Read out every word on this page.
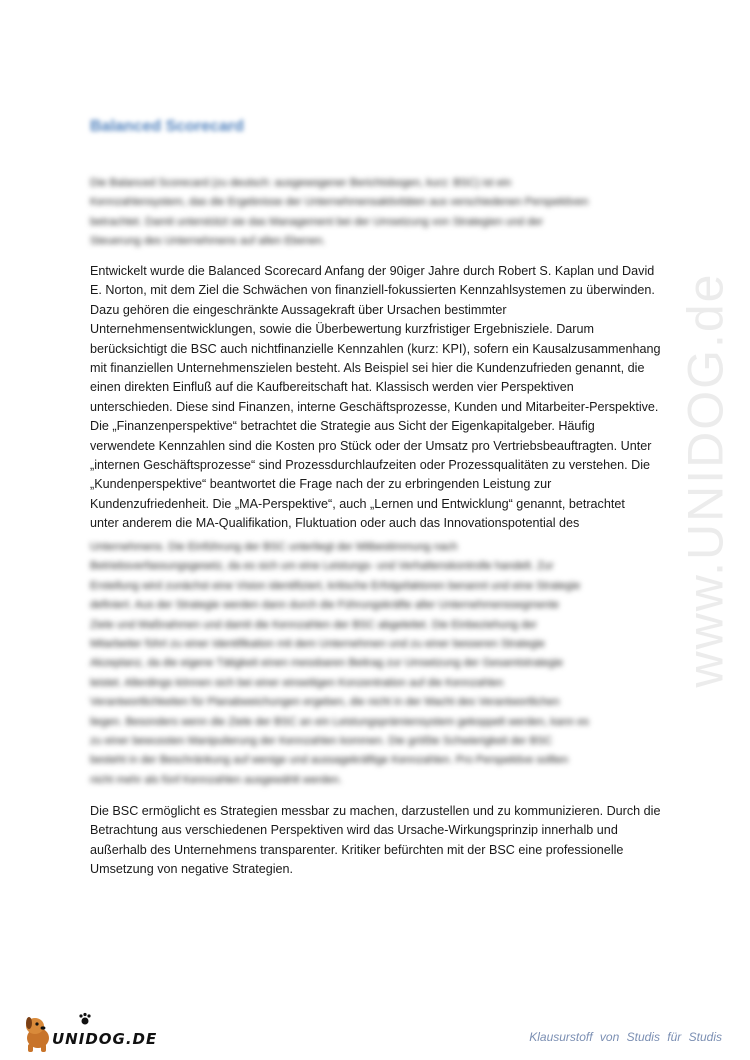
www.UNIDOG.de
Balanced Scorecard

Die Balanced Scorecard (zu deutsch: ausgewogener Berichtsbogen, kurz: BSC) ist ein
Kennzahlensystem, das die Ergebnisse der Unternehmensaktivitäten aus verschiedenen Perspektiven
betrachtet. Damit unterstützt sie das Management bei der Umsetzung von Strategien und der
Steuerung des Unternehmens auf allen Ebenen.

Entwickelt wurde die Balanced Scorecard Anfang der 90iger Jahre durch Robert S. Kaplan und David
E. Norton, mit dem Ziel die Schwächen von finanziell-fokussierten Kennzahlsystemen zu überwinden.
Dazu gehören die eingeschränkte Aussagekraft über Ursachen bestimmter
Unternehmensentwicklungen, sowie die Überbewertung kurzfristiger Ergebnisziele. Darum
berücksichtigt die BSC auch nichtfinanzielle Kennzahlen (kurz: KPI), sofern ein Kausalzusammenhang
mit finanziellen Unternehmenszielen besteht. Als Beispiel sei hier die Kundenzufrieden genannt, die
einen direkten Einfluß auf die Kaufbereitschaft hat. Klassisch werden vier Perspektiven
unterschieden. Diese sind Finanzen, interne Geschäftsprozesse, Kunden und Mitarbeiter-Perspektive.
Die „Finanzenperspektive“ betrachtet die Strategie aus Sicht der Eigenkapitalgeber. Häufig
verwendete Kennzahlen sind die Kosten pro Stück oder der Umsatz pro Vertriebsbeauftragten. Unter
„internen Geschäftsprozesse“ sind Prozessdurchlaufzeiten oder Prozessqualitäten zu verstehen. Die
„Kundenperspektive“ beantwortet die Frage nach der zu erbringenden Leistung zur
Kundenzufriedenheit. Die „MA-Perspektive“, auch „Lernen und Entwicklung“ genannt, betrachtet
unter anderem die MA-Qualifikation, Fluktuation oder auch das Innovationspotential des

Unternehmens. Die Einführung der BSC unterliegt der Mitbestimmung nach
Betriebsverfassungsgesetz, da es sich um eine Leistungs- und Verhaltenskontrolle handelt. Zur
Erstellung wird zunächst eine Vision identifiziert, kritische Erfolgsfaktoren benannt und eine Strategie
definiert. Aus der Strategie werden dann durch die Führungskräfte aller Unternehmenssegmente
Ziele und Maßnahmen und damit die Kennzahlen der BSC abgeleitet. Die Einbeziehung der
Mitarbeiter führt zu einer Identifikation mit dem Unternehmen und zu einer besseren Strategie
Akzeptanz, da die eigene Tätigkeit einen messbaren Beitrag zur Umsetzung der Gesamtstrategie
leistet. Allerdings können sich bei einer einseitigen Konzentration auf die Kennzahlen
Verantwortlichkeiten für Planabweichungen ergeben, die nicht in der Macht des Verantwortlichen
liegen. Besonders wenn die Ziele der BSC an ein Leistungsprämiensystem gekoppelt werden, kann es
zu einer bewussten Manipulierung der Kennzahlen kommen. Die größte Schwierigkeit der BSC
besteht in der Beschränkung auf wenige und aussagekräftige Kennzahlen. Pro Perspektive sollten
nicht mehr als fünf Kennzahlen ausgewählt werden.

Die BSC ermöglicht es Strategien messbar zu machen, darzustellen und zu kommunizieren. Durch die
Betrachtung aus verschiedenen Perspektiven wird das Ursache-Wirkungsprinzip innerhalb und
außerhalb des Unternehmens transparenter. Kritiker befürchten mit der BSC eine professionelle
Umsetzung von negative Strategien.

UNIDOG.DE	Klausurstoff von Studis für Studis
